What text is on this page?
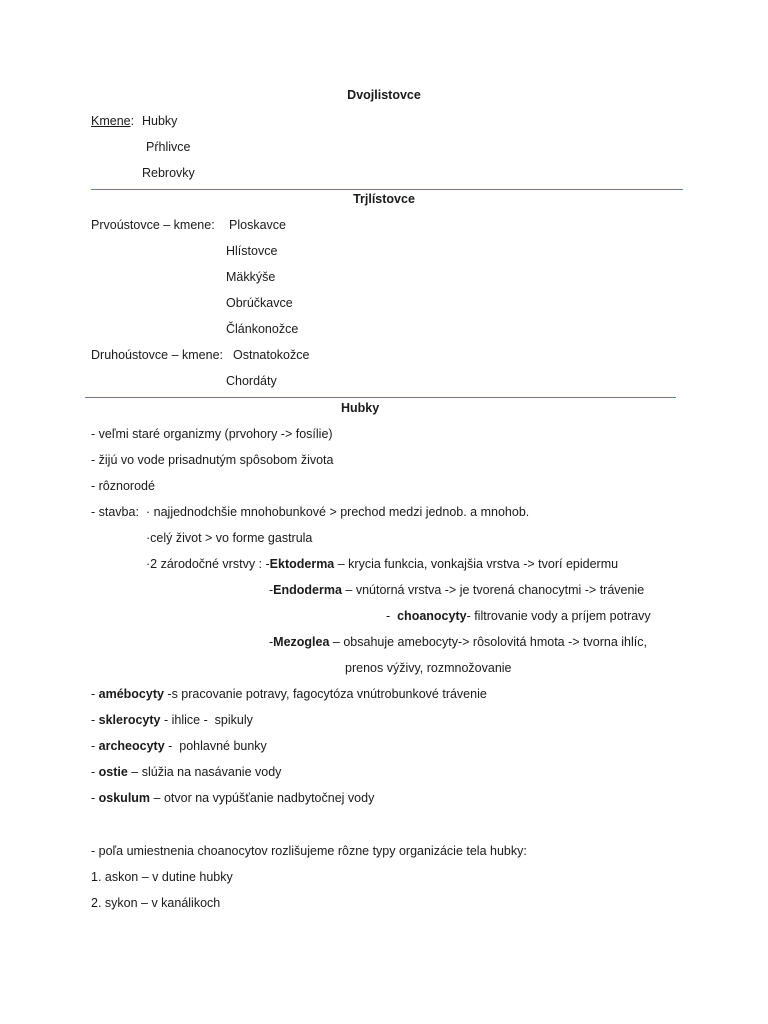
Dvojlistovce
Kmene: Hubky
Pŕhlivce
Rebrovky
Trjlístovce
Prvoústovce – kmene: Ploskavce
Hlístovce
Mäkkýše
Obrúčkavce
Článkonožce
Druhoústovce – kmene: Ostnatokožce
Chordáty
Hubky
- veľmi staré organizmy (prvohory -> fosílie)
- žijú vo vode prisadnutým spôsobom života
- rôznorodé
- stavba: · najjednodchšie mnohobunkové > prechod medzi jednob. a mnohob.
·celý život > vo forme gastrula
·2 zárodočné vrstvy : -Ektoderma – krycia funkcia, vonkajšia vrstva -> tvorí epidermu
-Endoderma – vnútorná vrstva -> je tvorená chanocytmi -> trávenie
-  choanocyty- filtrovanie vody a príjem potravy
-Mezoglea – obsahuje amebocyty-> rôsolovitá hmota -> tvorna ihlíc,
prenos výživy, rozmnožovanie
- amébocyty -s pracovanie potravy, fagocytóza vnútrobunkové trávenie
- sklerocyty - ihlice -  spikuly
- archeocyty -  pohlavné bunky
- ostie – slúžia na nasávanie vody
- oskulum – otvor na vypúšťanie nadbytočnej vody
- poľa umiestnenia choanocytov rozlišujeme rôzne typy organizácie tela hubky:
1. askon – v dutine hubky
2. sykon – v kanálikoch
